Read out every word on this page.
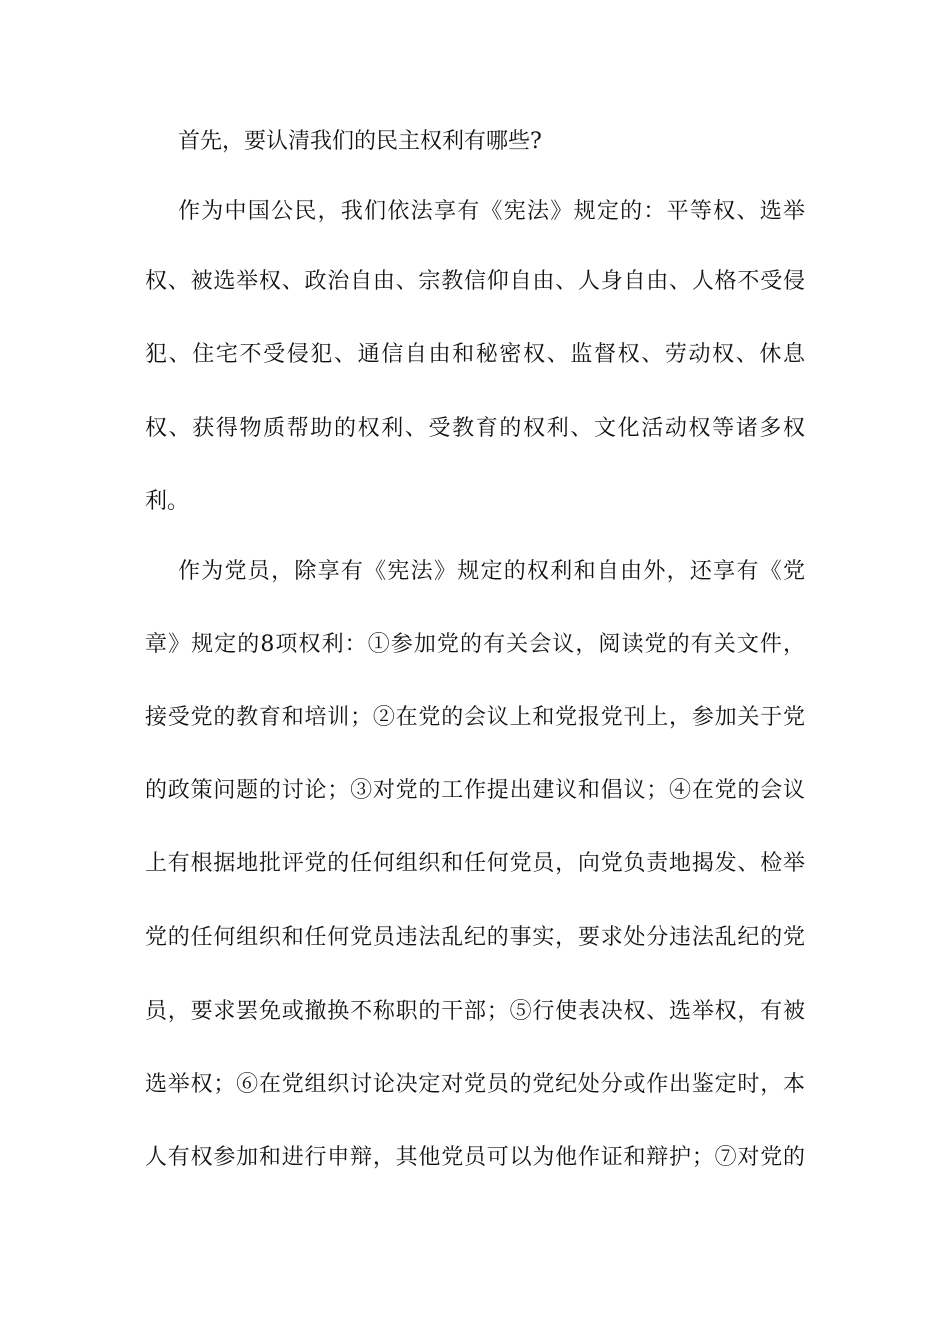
首先，要认清我们的民主权利有哪些?
作为中国公民，我们依法享有《宪法》规定的：平等权、选举
权、被选举权、政治自由、宗教信仰自由、人身自由、人格不受侵
犯、住宅不受侵犯、通信自由和秘密权、监督权、劳动权、休息
权、获得物质帮助的权利、受教育的权利、文化活动权等诸多权
利。
作为党员，除享有《宪法》规定的权利和自由外，还享有《党
章》规定的8项权利：①参加党的有关会议，阅读党的有关文件，
接受党的教育和培训；②在党的会议上和党报党刊上，参加关于党
的政策问题的讨论；③对党的工作提出建议和倡议；④在党的会议
上有根据地批评党的任何组织和任何党员，向党负责地揭发、检举
党的任何组织和任何党员违法乱纪的事实，要求处分违法乱纪的党
员，要求罢免或撤换不称职的干部；⑤行使表决权、选举权，有被
选举权；⑥在党组织讨论决定对党员的党纪处分或作出鉴定时，本
人有权参加和进行申辩，其他党员可以为他作证和辩护；⑦对党的
